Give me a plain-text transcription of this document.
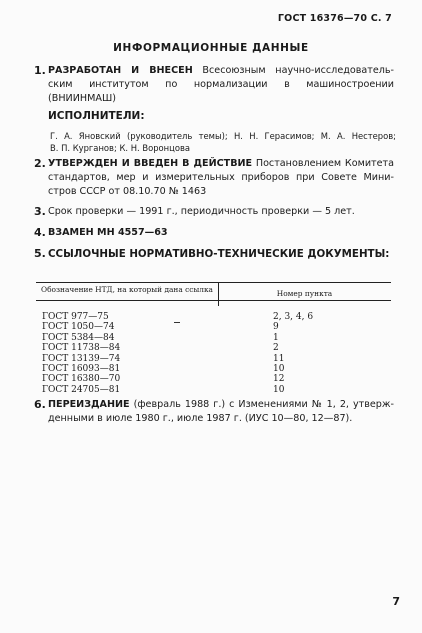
ГОСТ 16376—70 С. 7
ИНФОРМАЦИОННЫЕ ДАННЫЕ
1. РАЗРАБОТАН И ВНЕСЕН Всесоюзным научно-исследователь-
ским институтом по нормализации в машиностроении
(ВНИИНМАШ)
ИСПОЛНИТЕЛИ:
Г. А. Яновский (руководитель темы); Н. Н. Герасимов; М. А. Нестеров;
В. П. Курганов; К. Н. Воронцова
2. УТВЕРЖДЕН И ВВЕДЕН В ДЕЙСТВИЕ Постановлением Комитета
стандартов, мер и измерительных приборов при Совете Мини-
стров СССР от 08.10.70 № 1463
3. Срок проверки — 1991 г., периодичность проверки — 5 лет.
4. ВЗАМЕН МН 4557—63
5. ССЫЛОЧНЫЕ НОРМАТИВНО-ТЕХНИЧЕСКИЕ ДОКУМЕНТЫ:
Обозначение НТД, на который дана ссылка	Номер пункта
ГОСТ 977—75
ГОСТ 1050—74
ГОСТ 5384—84
ГОСТ 11738—84
ГОСТ 13139—74
ГОСТ 16093—81
ГОСТ 16380—70
ГОСТ 24705—81
2, 3, 4, 6
9
1
2
11
10
12
10
6. ПЕРЕИЗДАНИЕ (февраль 1988 г.) с Изменениями № 1, 2, утверж-
денными в июле 1980 г., июле 1987 г. (ИУС 10—80, 12—87).
7
